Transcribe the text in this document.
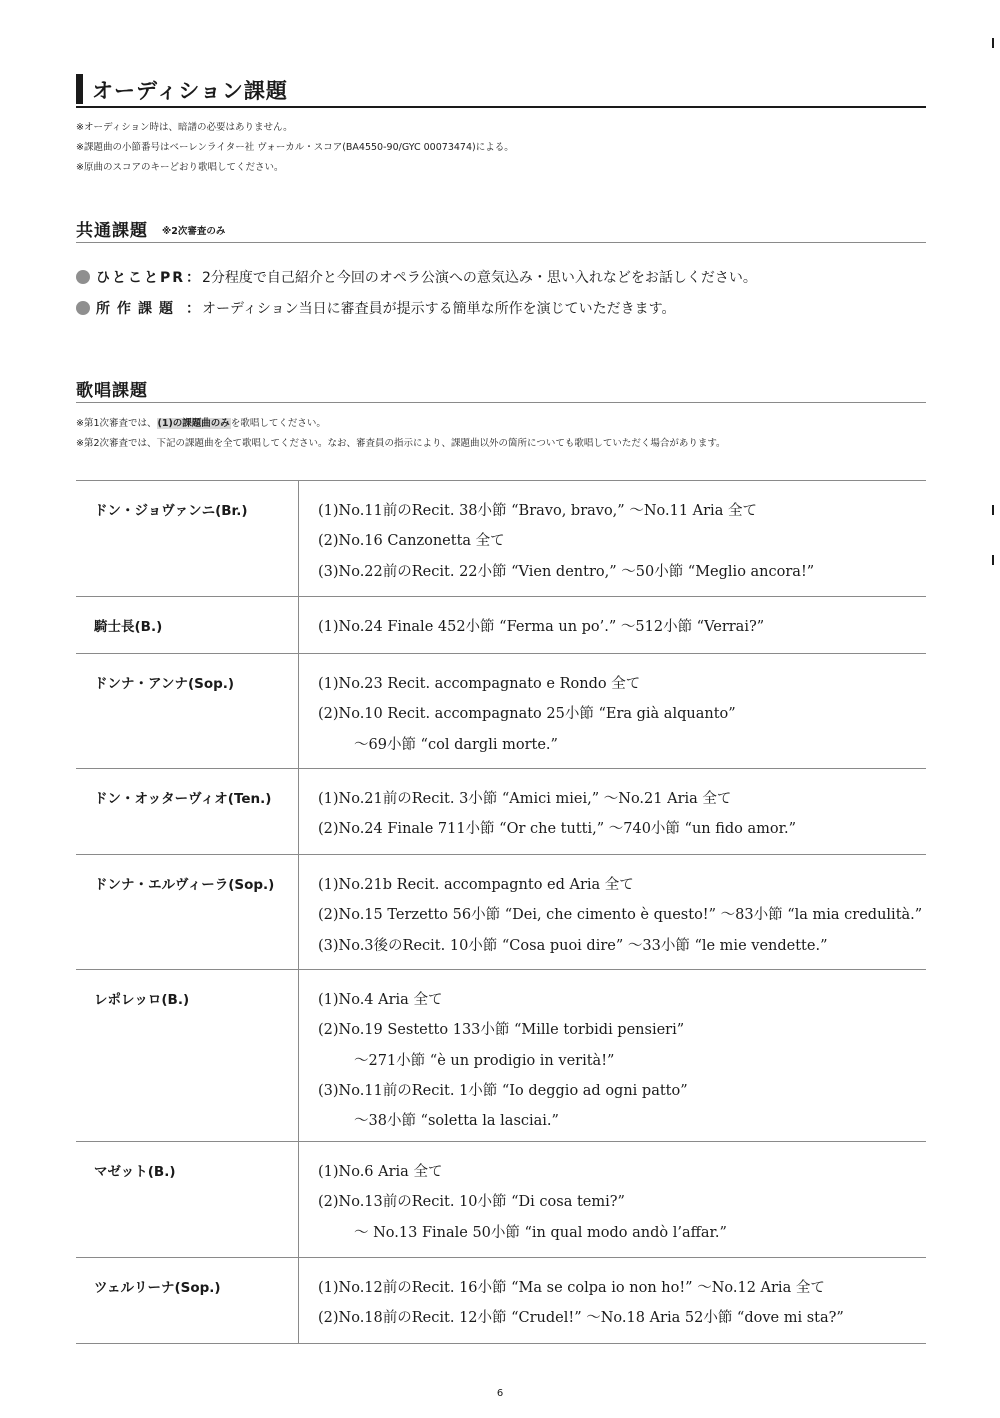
オーディション課題
※オーディション時は、暗譜の必要はありません。
※課題曲の小節番号はベーレンライター社 ヴォーカル・スコア(BA4550-90/GYC 00073474)による。
※原曲のスコアのキーどおり歌唱してください。
共通課題 ※2次審査のみ
ひとことPR： 2分程度で自己紹介と今回のオペラ公演への意気込み・思い入れなどをお話しください。
所作課題 ： オーディション当日に審査員が提示する簡単な所作を演じていただきます。
歌唱課題
※第1次審査では、(1)の課題曲のみを歌唱してください。
※第2次審査では、下記の課題曲を全て歌唱してください。なお、審査員の指示により、課題曲以外の箇所についても歌唱していただく場合があります。
ドン・ジョヴァンニ(Br.)	(1)No.11前のRecit. 38小節 “Bravo, bravo,” ～No.11 Aria 全て
(2)No.16 Canzonetta 全て
(3)No.22前のRecit. 22小節 “Vien dentro,” ～50小節 “Meglio ancora!”
騎士長(B.)	(1)No.24 Finale 452小節 “Ferma un po’.” ～512小節 “Verrai?”
ドンナ・アンナ(Sop.)	(1)No.23 Recit. accompagnato e Rondo 全て
(2)No.10 Recit. accompagnato 25小節 “Era già alquanto”
～69小節 “col dargli morte.”
ドン・オッターヴィオ(Ten.)	(1)No.21前のRecit. 3小節 “Amici miei,” ～No.21 Aria 全て
(2)No.24 Finale 711小節 “Or che tutti,” ～740小節 “un fido amor.”
ドンナ・エルヴィーラ(Sop.)	(1)No.21b Recit. accompagnto ed Aria 全て
(2)No.15 Terzetto 56小節 “Dei, che cimento è questo!” ～83小節 “la mia credulità.”
(3)No.3後のRecit. 10小節 “Cosa puoi dire” ～33小節 “le mie vendette.”
レポレッロ(B.)	(1)No.4 Aria 全て
(2)No.19 Sestetto 133小節 “Mille torbidi pensieri”
～271小節 “è un prodigio in verità!”
(3)No.11前のRecit. 1小節 “Io deggio ad ogni patto”
～38小節 “soletta la lasciai.”
マゼット(B.)	(1)No.6 Aria 全て
(2)No.13前のRecit. 10小節 “Di cosa temi?”
～ No.13 Finale 50小節 “in qual modo andò l’affar.”
ツェルリーナ(Sop.)	(1)No.12前のRecit. 16小節 “Ma se colpa io non ho!” ～No.12 Aria 全て
(2)No.18前のRecit. 12小節 “Crudel!” ～No.18 Aria 52小節 “dove mi sta?”
6
